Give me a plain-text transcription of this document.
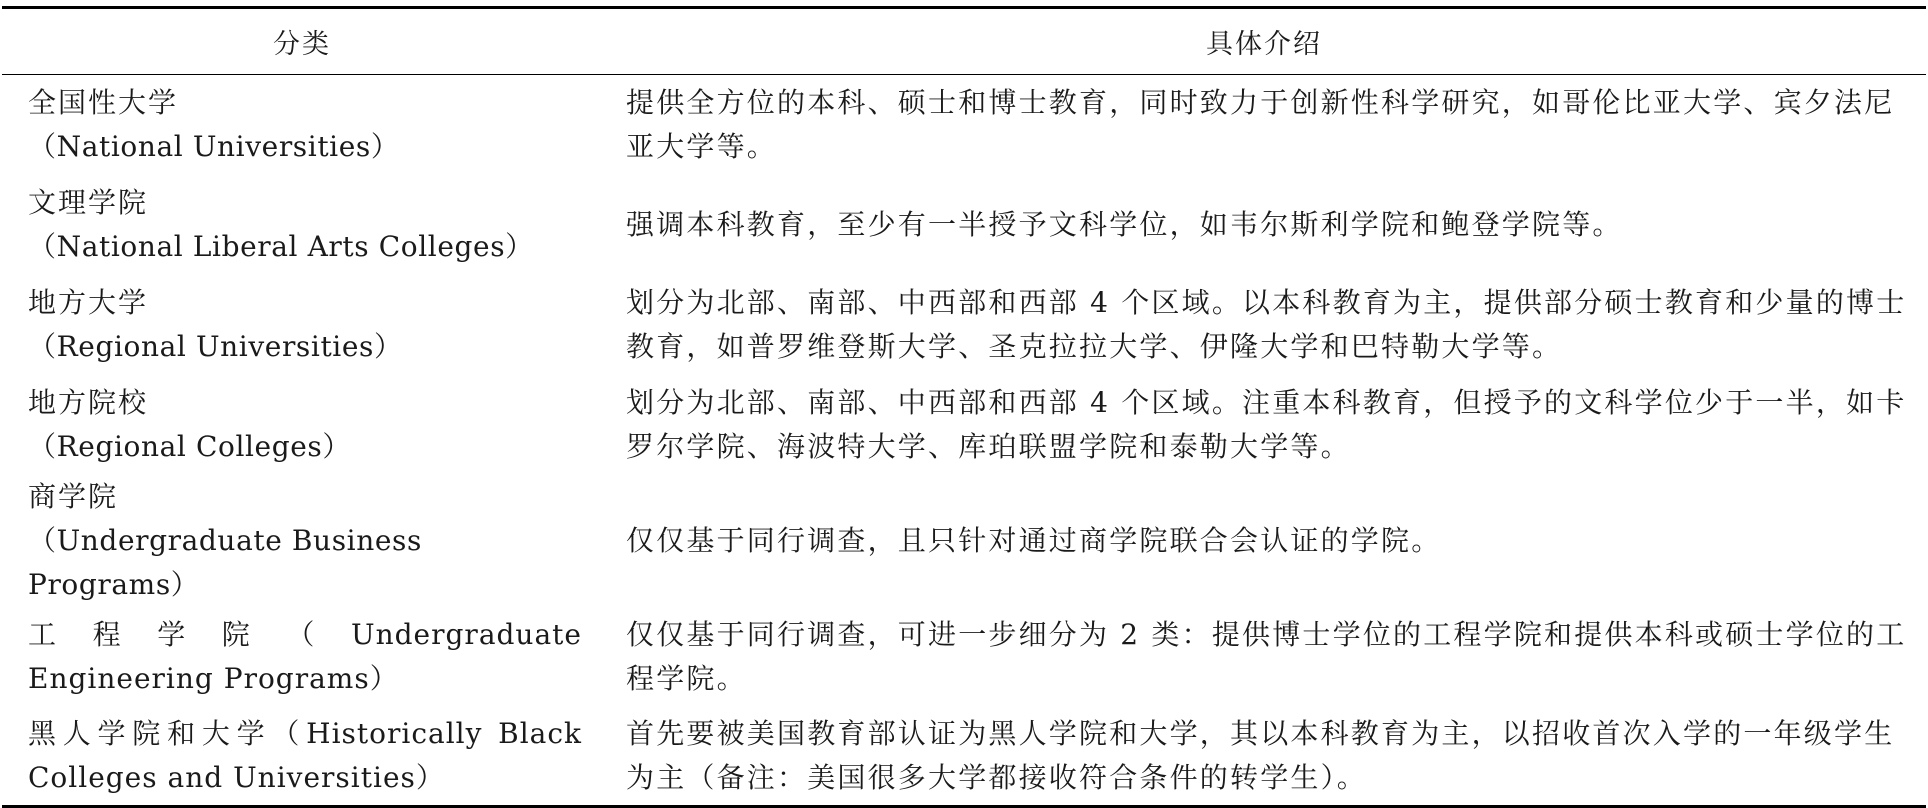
分类	具体介绍

全国性大学
（National Universities）	提供全方位的本科、硕士和博士教育，同时致力于创新性科学研究，如哥伦比亚大学、宾夕法尼亚大学等。

文理学院
（National Liberal Arts Colleges）	强调本科教育，至少有一半授予文科学位，如韦尔斯利学院和鲍登学院等。

地方大学
（Regional Universities）	划分为北部、南部、中西部和西部 4 个区域。以本科教育为主，提供部分硕士教育和少量的博士教育，如普罗维登斯大学、圣克拉拉大学、伊隆大学和巴特勒大学等。

地方院校
（Regional Colleges）	划分为北部、南部、中西部和西部 4 个区域。注重本科教育，但授予的文科学位少于一半，如卡罗尔学院、海波特大学、库珀联盟学院和泰勒大学等。

商学院
（Undergraduate Business Programs）	仅仅基于同行调查，且只针对通过商学院联合会认证的学院。
工程学院（Undergraduate Engineering Programs）	仅仅基于同行调查，可进一步细分为 2 类：提供博士学位的工程学院和提供本科或硕士学位的工程学院。
黑人学院和大学（Historically Black Colleges and Universities）	首先要被美国教育部认证为黑人学院和大学，其以本科教育为主，以招收首次入学的一年级学生为主（备注：美国很多大学都接收符合条件的转学生）。
